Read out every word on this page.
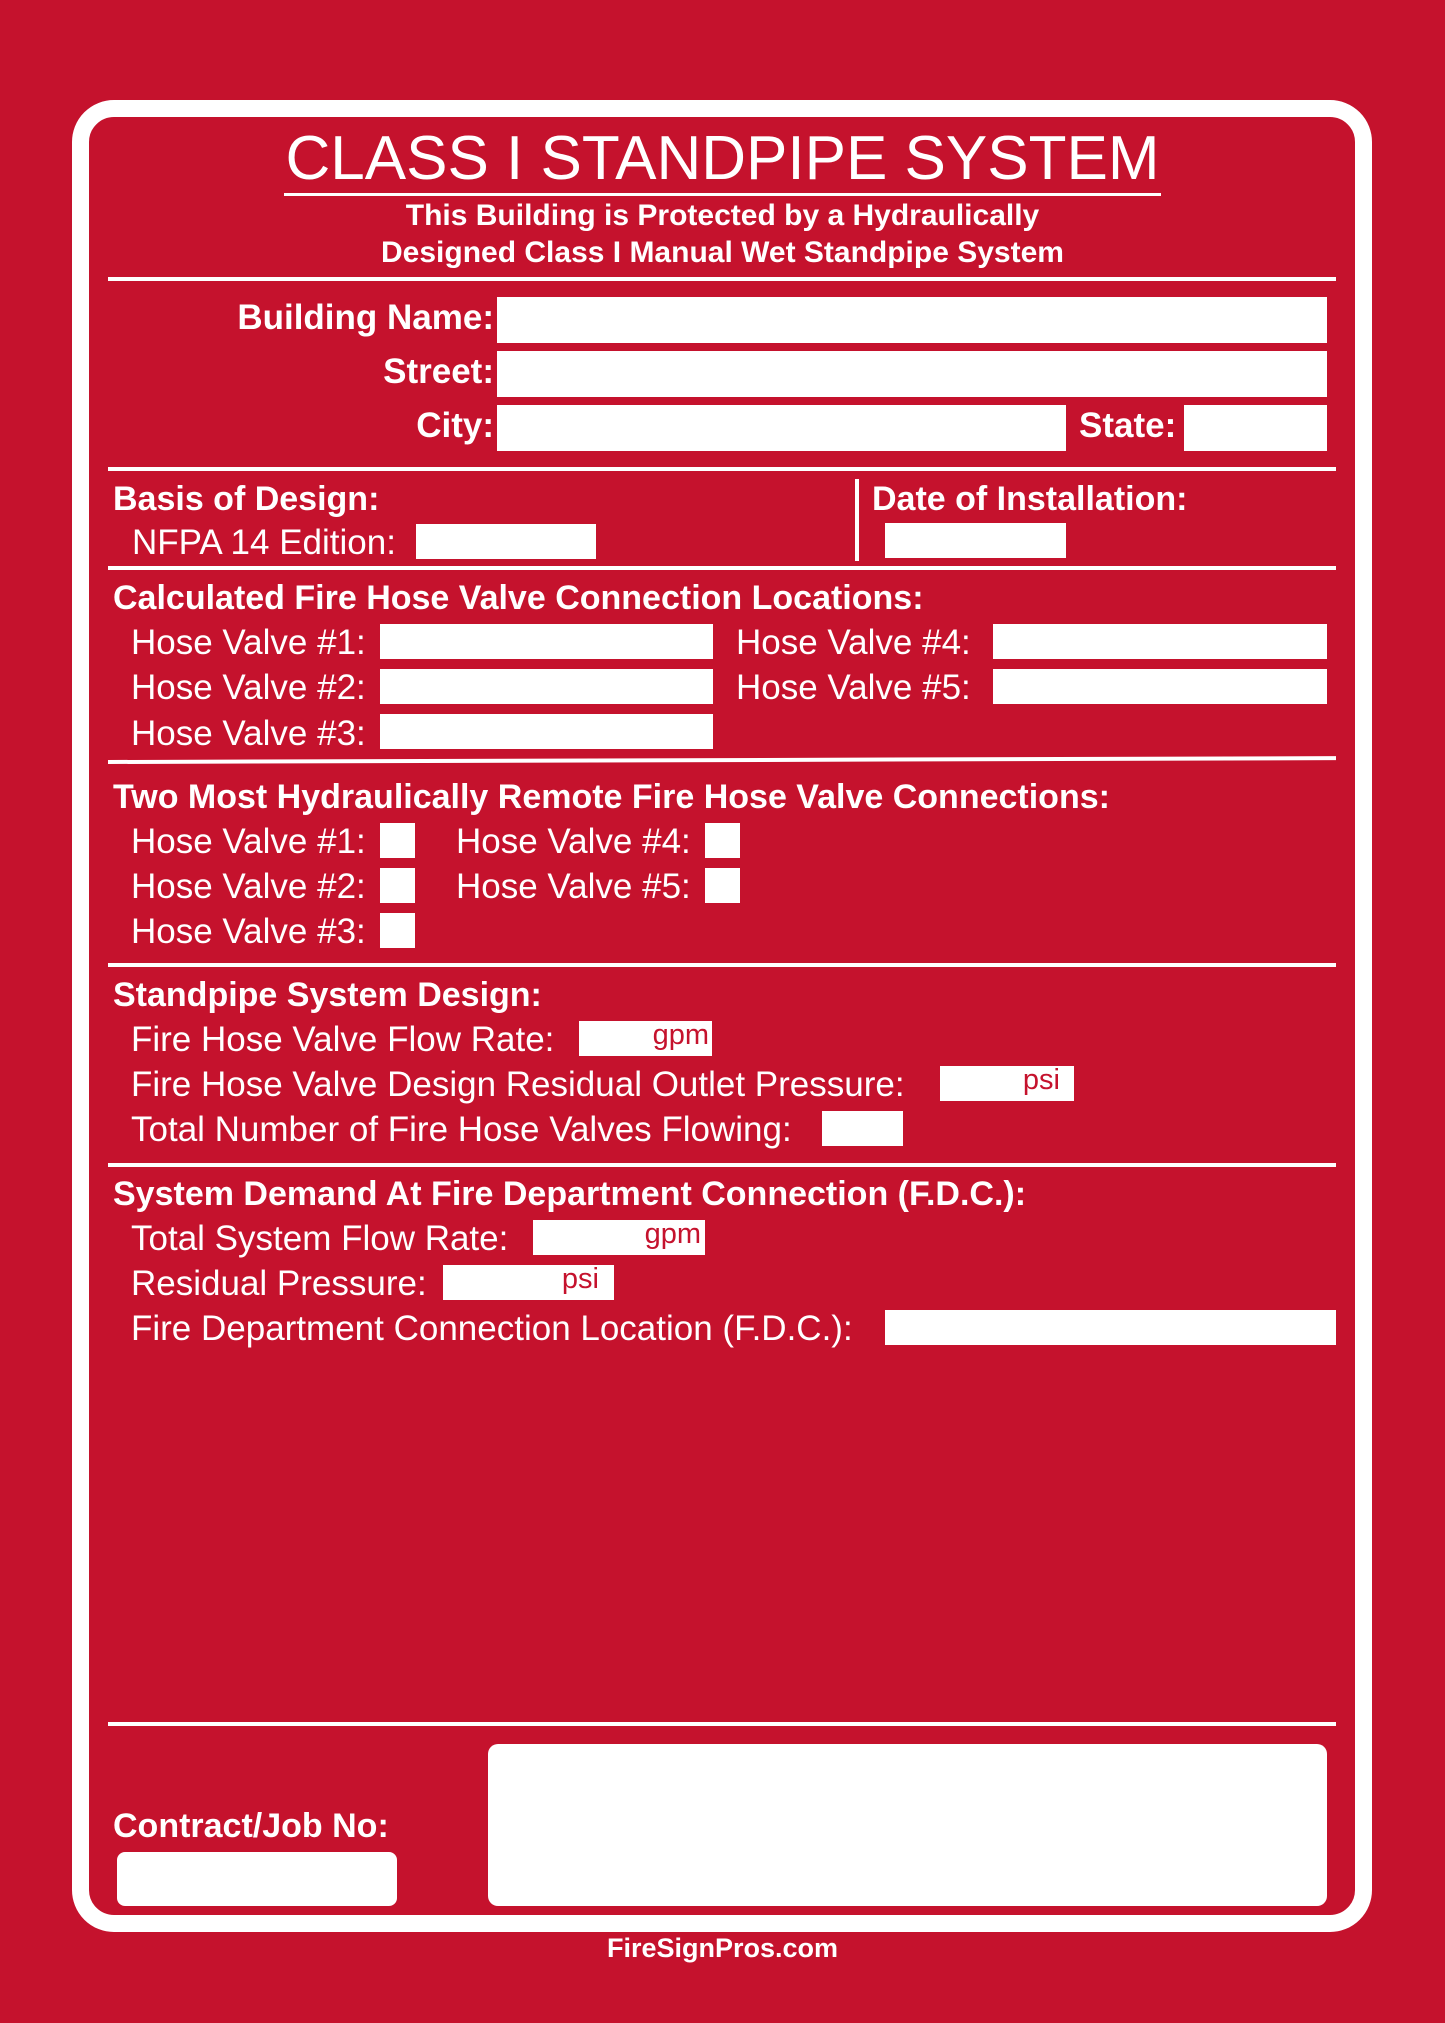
CLASS I STANDPIPE SYSTEM
This Building is Protected by a Hydraulically
Designed Class I Manual Wet Standpipe System
Building Name:
Street:
City:	State:
Basis of Design:
NFPA 14 Edition:
Date of Installation:
Calculated Fire Hose Valve Connection Locations:
Hose Valve #1:
Hose Valve #2:
Hose Valve #3:
Hose Valve #4:
Hose Valve #5:
Two Most Hydraulically Remote Fire Hose Valve Connections:
Hose Valve #1:
Hose Valve #2:
Hose Valve #3:
Hose Valve #4:
Hose Valve #5:
Standpipe System Design:
Fire Hose Valve Flow Rate:	gpm
Fire Hose Valve Design Residual Outlet Pressure:	psi
Total Number of Fire Hose Valves Flowing:
System Demand At Fire Department Connection (F.D.C.):
Total System Flow Rate:	gpm
Residual Pressure:	psi
Fire Department Connection Location (F.D.C.):
Contract/Job No:
FireSignPros.com
